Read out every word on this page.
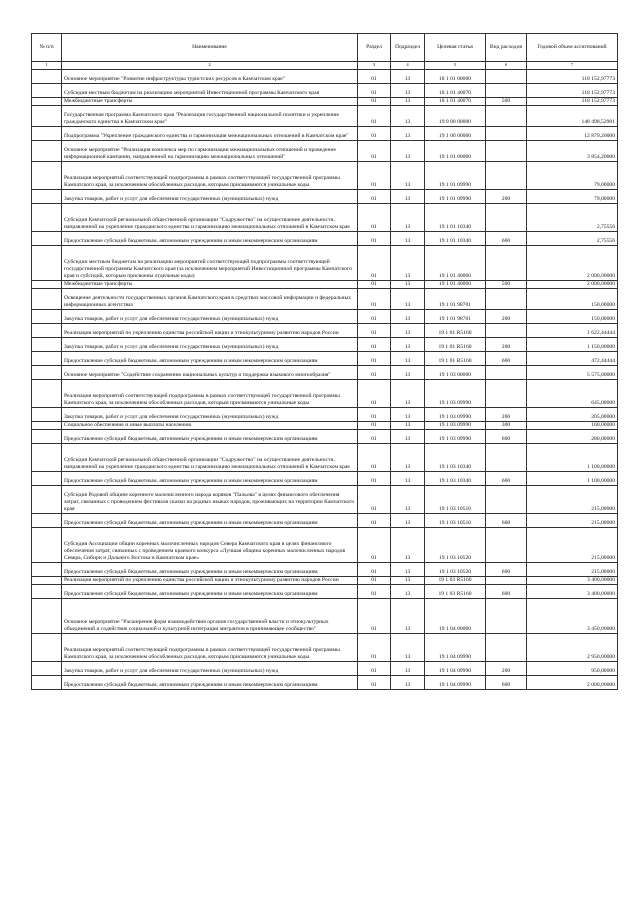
№ п/п	Наименование	Раздел	Подраздел	Целевая статья	Вид расходов	Годовой объем ассигнований
1	2	3	4	5	6	7
	Основное мероприятие "Развитие инфраструктуры туристских ресурсов в Камчатском крае"	01	13	18 1 01 00000		118 152,97773
	Субсидия местным бюджетам на реализацию мероприятий Инвестиционной программы Камчатского края	01	13	18 1 01 40070		118 152,97773
	Межбюджетные трансферты	01	13	18 1 01 40070	500	118 152,97773
	Государственная программа Камчатского края "Реализация государственной национальной политики и укрепление гражданского единства в Камчатском крае"	01	13	19 0 00 00000		148 498,52901
	Подпрограмма "Укрепление гражданского единства и гармонизация межнациональных отношений в Камчатском крае"	01	13	19 1 00 00000		12 879,20000
	Основное мероприятие "Реализация комплекса мер по гармонизации межнациональных отношений и проведение информационной кампании, направленной на гармонизацию межнациональных отношений"	01	13	19 1 01 00000		3 854,20000
	Реализация мероприятий соответствующей подпрограммы в рамках соответствующей государственной программы Камчатского края, за исключением обособленных расходов, которым присваиваются уникальные коды	01	13	19 1 01 09990		79,00000
	Закупка товаров, работ и услуг для обеспечения государственных (муниципальных) нужд	01	13	19 1 01 09990	200	79,00000
	Субсидия Камчатской региональной общественной организации "Содружество" на осуществление деятельности, направленной на укрепление гражданского единства и гармонизацию межнациональных отношений в Камчатском крае	01	13	19 1 01 10340		2,75556
	Предоставление субсидий бюджетным, автономным учреждениям и иным некоммерческим организациям	01	13	19 1 01 10340	600	2,75556
	Субсидии местным бюджетам на реализацию мероприятий соответствующей подпрограммы соответствующей государственной программы Камчатского края (за исключением мероприятий Инвестиционной программы Камчатского края и субсидий, которым присвоены отдельные коды)	01	13	19 1 01 40060		2 000,00000
	Межбюджетные трансферты	01	13	19 1 01 40060	500	2 000,00000
	Освещение деятельности государственных органов Камчатского края в средствах массовой информации и федеральных информационных агентствах	01	13	19 1 01 98701		150,00000
	Закупка товаров, работ и услуг для обеспечения государственных (муниципальных) нужд	01	13	19 1 01 98701	200	150,00000
	Реализация мероприятий по укреплению единства российской нации и этнокультурному развитию народов России	01	13	19 1 01 R5160		1 622,44444
	Закупка товаров, работ и услуг для обеспечения государственных (муниципальных) нужд	01	13	19 1 01 R5160	200	1 150,00000
	Предоставление субсидий бюджетным, автономным учреждениям и иным некоммерческим организациям	01	13	19 1 01 R5160	600	472,44444
	Основное мероприятие "Содействие сохранению национальных культур и поддержка языкового многообразия"	01	13	19 1 03 00000		5 575,00000
	Реализация мероприятий соответствующей подпрограммы в рамках соответствующей государственной программы Камчатского края, за исключением обособленных расходов, которым присваиваются уникальные коды	01	13	19 1 03 09990		645,00000
	Закупка товаров, работ и услуг для обеспечения государственных (муниципальных) нужд	01	13	19 1 03 09990	200	205,00000
	Социальное обеспечение и иные выплаты населению	01	13	19 1 03 09990	300	160,00000
	Предоставление субсидий бюджетным, автономным учреждениям и иным некоммерческим организациям	01	13	19 1 03 09990	600	280,00000
	Субсидия Камчатской региональной общественной организации "Содружество" на осуществление деятельности, направленной на укрепление гражданского единства и гармонизацию межнациональных отношений в Камчатском крае	01	13	19 1 03 10340		1 100,00000
	Предоставление субсидий бюджетным, автономным учреждениям и иным некоммерческим организациям	01	13	19 1 03 10340	600	1 100,00000
	Субсидия Родовой общине коренного малочисленного народа коряков "Пальова" в целях финансового обеспечения затрат, связанных с проведением фестиваля сказки на родных языках народов, проживающих на территории Камчатского края	01	13	19 1 03 10510		215,00000
	Предоставление субсидий бюджетным, автономным учреждениям и иным некоммерческим организациям	01	13	19 1 03 10510	600	215,00000
	Субсидия Ассоциации общин коренных малочисленных народов Севера Камчатского края в целях финансового обеспечения затрат, связанных с проведением краевого конкурса «Лучшая община коренных малочисленных народов Севера, Сибири и Дальнего Востока в Камчатском крае»	01	13	19 1 03 10520		215,00000
	Предоставление субсидий бюджетным, автономным учреждениям и иным некоммерческим организациям	01	13	19 1 03 10520	600	215,00000
	Реализация мероприятий по укреплению единства российской нации и этнокультурному развитию народов России	01	13	19 1 03 R5160		3 400,00000
	Предоставление субсидий бюджетным, автономным учреждениям и иным некоммерческим организациям	01	13	19 1 03 R5160	600	3 400,00000
	Основное мероприятие "Расширение форм взаимодействия органов государственной власти и этнокультурных объединений и содействие социальной и культурной интеграции мигрантов в принимающее сообщество"	01	13	19 1 04 00000		3 450,00000
	Реализация мероприятий соответствующей подпрограммы в рамках соответствующей государственной программы Камчатского края, за исключением обособленных расходов, которым присваиваются уникальные коды	01	13	19 1 04 09990		2 950,00000
	Закупка товаров, работ и услуг для обеспечения государственных (муниципальных) нужд	01	13	19 1 04 09990	200	950,00000
	Предоставление субсидий бюджетным, автономным учреждениям и иным некоммерческим организациям	01	13	19 1 04 09990	600	2 000,00000
